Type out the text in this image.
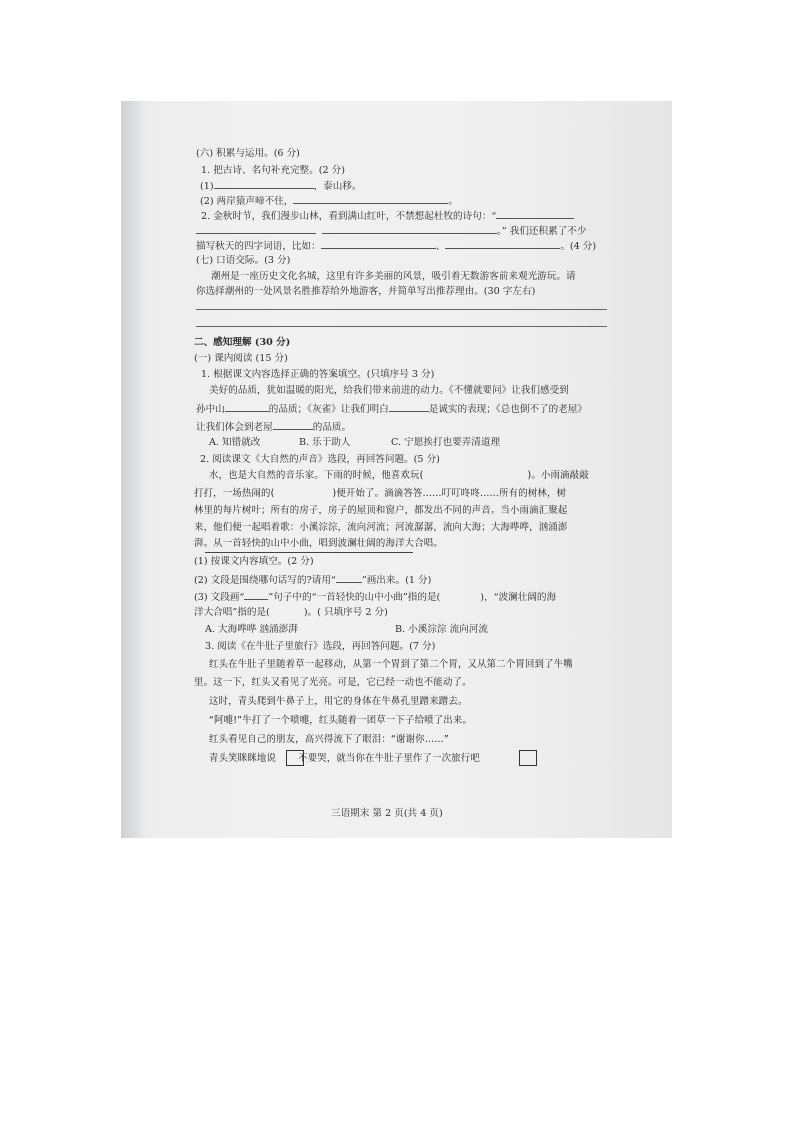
(六) 积累与运用。(6 分)
1. 把古诗、名句补充完整。(2 分)
(1)	，泰山移。
(2) 两岸猿声啼不住，	。
2. 金秋时节，我们漫步山林，看到满山红叶，不禁想起杜牧的诗句：“
。” 我们还积累了不少
描写秋天的四字词语，比如：	、	。(4 分)
(七) 口语交际。(3 分)
潮州是一座历史文化名城，这里有许多美丽的风景，吸引着无数游客前来观光游玩。请
你选择潮州的一处风景名胜推荐给外地游客，并简单写出推荐理由。(30 字左右)
二、感知理解 (30 分)
(一) 课内阅读 (15 分)
1. 根据课文内容选择正确的答案填空。(只填序号 3 分)
美好的品质，犹如温暖的阳光，给我们带来前进的动力。《不懂就要问》让我们感受到
孙中山	的品质；《灰雀》让我们明白	是诚实的表现；《总也倒不了的老屋》
让我们体会到老屋	的品质。
A. 知错就改	B. 乐于助人	C. 宁愿挨打也要弄清道理
2. 阅读课文《大自然的声音》选段，再回答问题。(5 分)
水，也是大自然的音乐家。下雨的时候，他喜欢玩(	)。小雨滴敲敲
打打，一场热闹的(	)便开始了。滴滴答答……叮叮咚咚……所有的树林，树
林里的每片树叶；所有的房子，房子的屋顶和窗户，都发出不同的声音。当小雨滴汇聚起
来，他们便一起唱着歌：小溪淙淙，流向河流；河流潺潺，流向大海；大海哗哗，汹涌澎
湃。从一首轻快的山中小曲，唱到波澜壮阔的海洋大合唱。
(1) 按课文内容填空。(2 分)
(2) 文段是围绕哪句话写的?请用“	”画出来。(1 分)
(3) 文段画“	”句子中的“一首轻快的山中小曲”指的是(	)，“波澜壮阔的海
洋大合唱”指的是(	)。( 只填序号 2 分)
A. 大海哗哗 汹涌澎湃	B. 小溪淙淙 流向河流
3. 阅读《在牛肚子里旅行》选段，再回答问题。(7 分)
红头在牛肚子里随着草一起移动，从第一个胃到了第二个胃，又从第二个胃回到了牛嘴
里。这一下，红头又看见了光亮。可是，它已经一动也不能动了。
这时，青头爬到牛鼻子上，用它的身体在牛鼻孔里蹭来蹭去。
“阿嚏!”牛打了一个喷嚏，红头随着一团草一下子给喷了出来。
红头看见自己的朋友，高兴得流下了眼泪：“谢谢你……”
青头笑眯眯地说 不要哭，就当你在牛肚子里作了一次旅行吧
三语期末 第 2 页(共 4 页)
